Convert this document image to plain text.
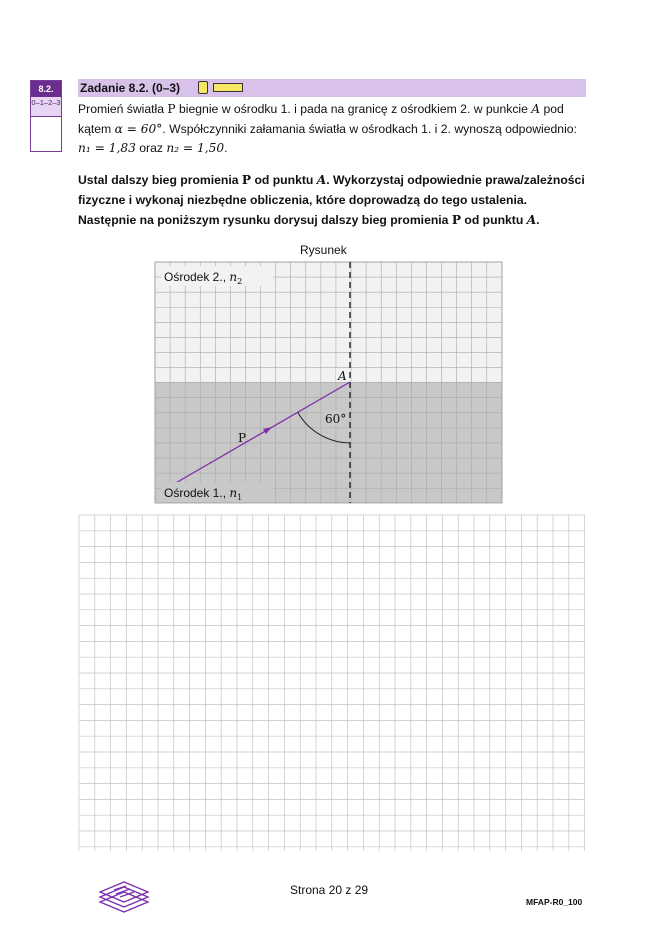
8.2.
0–1–2–3
Zadanie 8.2. (0–3)
Promień światła P biegnie w ośrodku 1. i pada na granicę z ośrodkiem 2. w punkcie A pod
kątem α = 60°. Współczynniki załamania światła w ośrodkach 1. i 2. wynoszą odpowiednio:
n₁ = 1,83 oraz n₂ = 1,50.
Ustal dalszy bieg promienia P od punktu A. Wykorzystaj odpowiednie prawa/zależności
fizyczne i wykonaj niezbędne obliczenia, które doprowadzą do tego ustalenia.
Następnie na poniższym rysunku dorysuj dalszy bieg promienia P od punktu A.
Rysunek
Ośrodek 2., $n_2$
Ośrodek 1., $n_1$
A
P
60°
Strona 20 z 29
MFAP-R0_100
